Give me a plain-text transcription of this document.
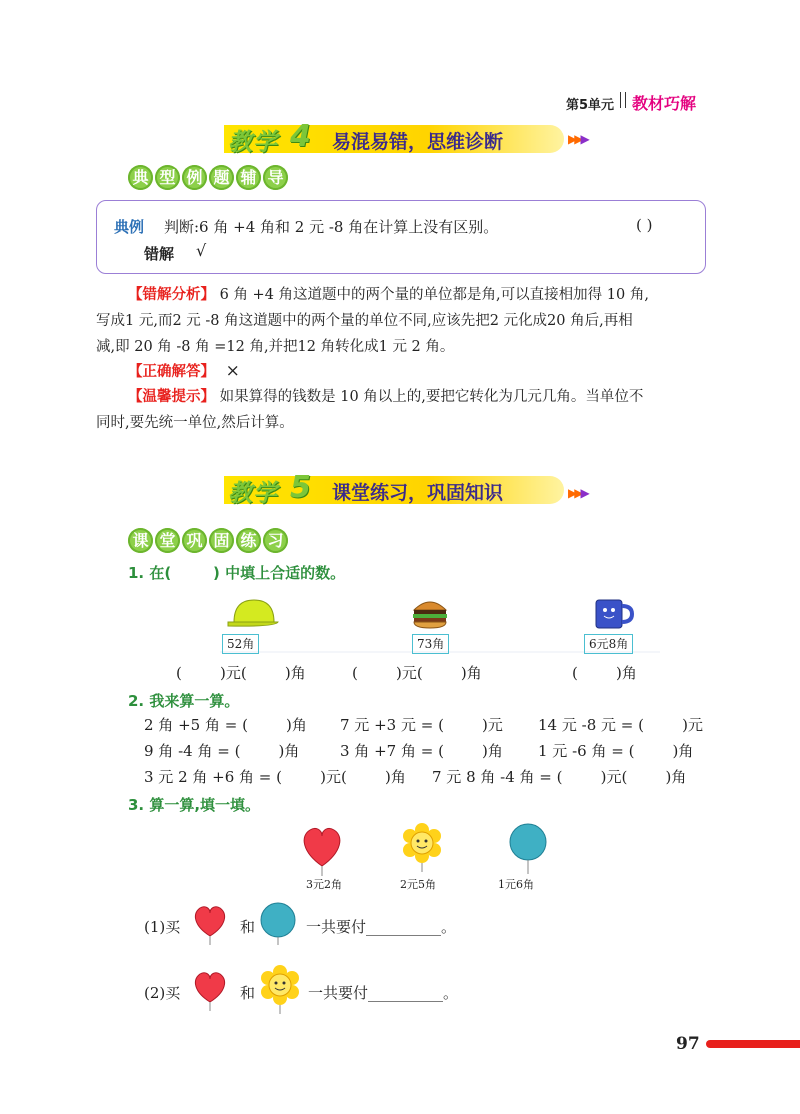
第5单元 教材巧解
教学 4 易混易错，思维诊断	▶▶▶
典 型 例 题 辅 导
典例 判断:6 角 +4 角和 2 元 -8 角在计算上没有区别。	( )
错解 √
【错解分析】 6 角 +4 角这道题中的两个量的单位都是角,可以直接相加得 10 角,
写成1 元,而2 元 -8 角这道题中的两个量的单位不同,应该先把2 元化成20 角后,再相
减,即 20 角 -8 角 =12 角,并把12 角转化成1 元 2 角。
【正确解答】 ×
【温馨提示】 如果算得的钱数是 10 角以上的,要把它转化为几元几角。当单位不
同时,要先统一单位,然后计算。
教学 5 课堂练习，巩固知识	▶▶▶
课 堂 巩 固 练 习
1. 在(        ) 中填上合适的数。
52角	73角	6元8角
(        )元(        )角	(        )元(        )角	(        )角
2. 我来算一算。
2 角 +5 角 = (        )角 7 元 +3 元 = (        )元 14 元 -8 元 = (        )元
9 角 -4 角 = (        )角	3 角 +7 角 = (        )角 1 元 -6 角 = (        )角
3 元 2 角 +6 角 = (        )元(        )角 7 元 8 角 -4 角 = (        )元(        )角
3. 算一算,填一填。
3元2角	2元5角	1元6角
(1)买	和	一共要付__________。
(2)买	和	一共要付__________。
97
